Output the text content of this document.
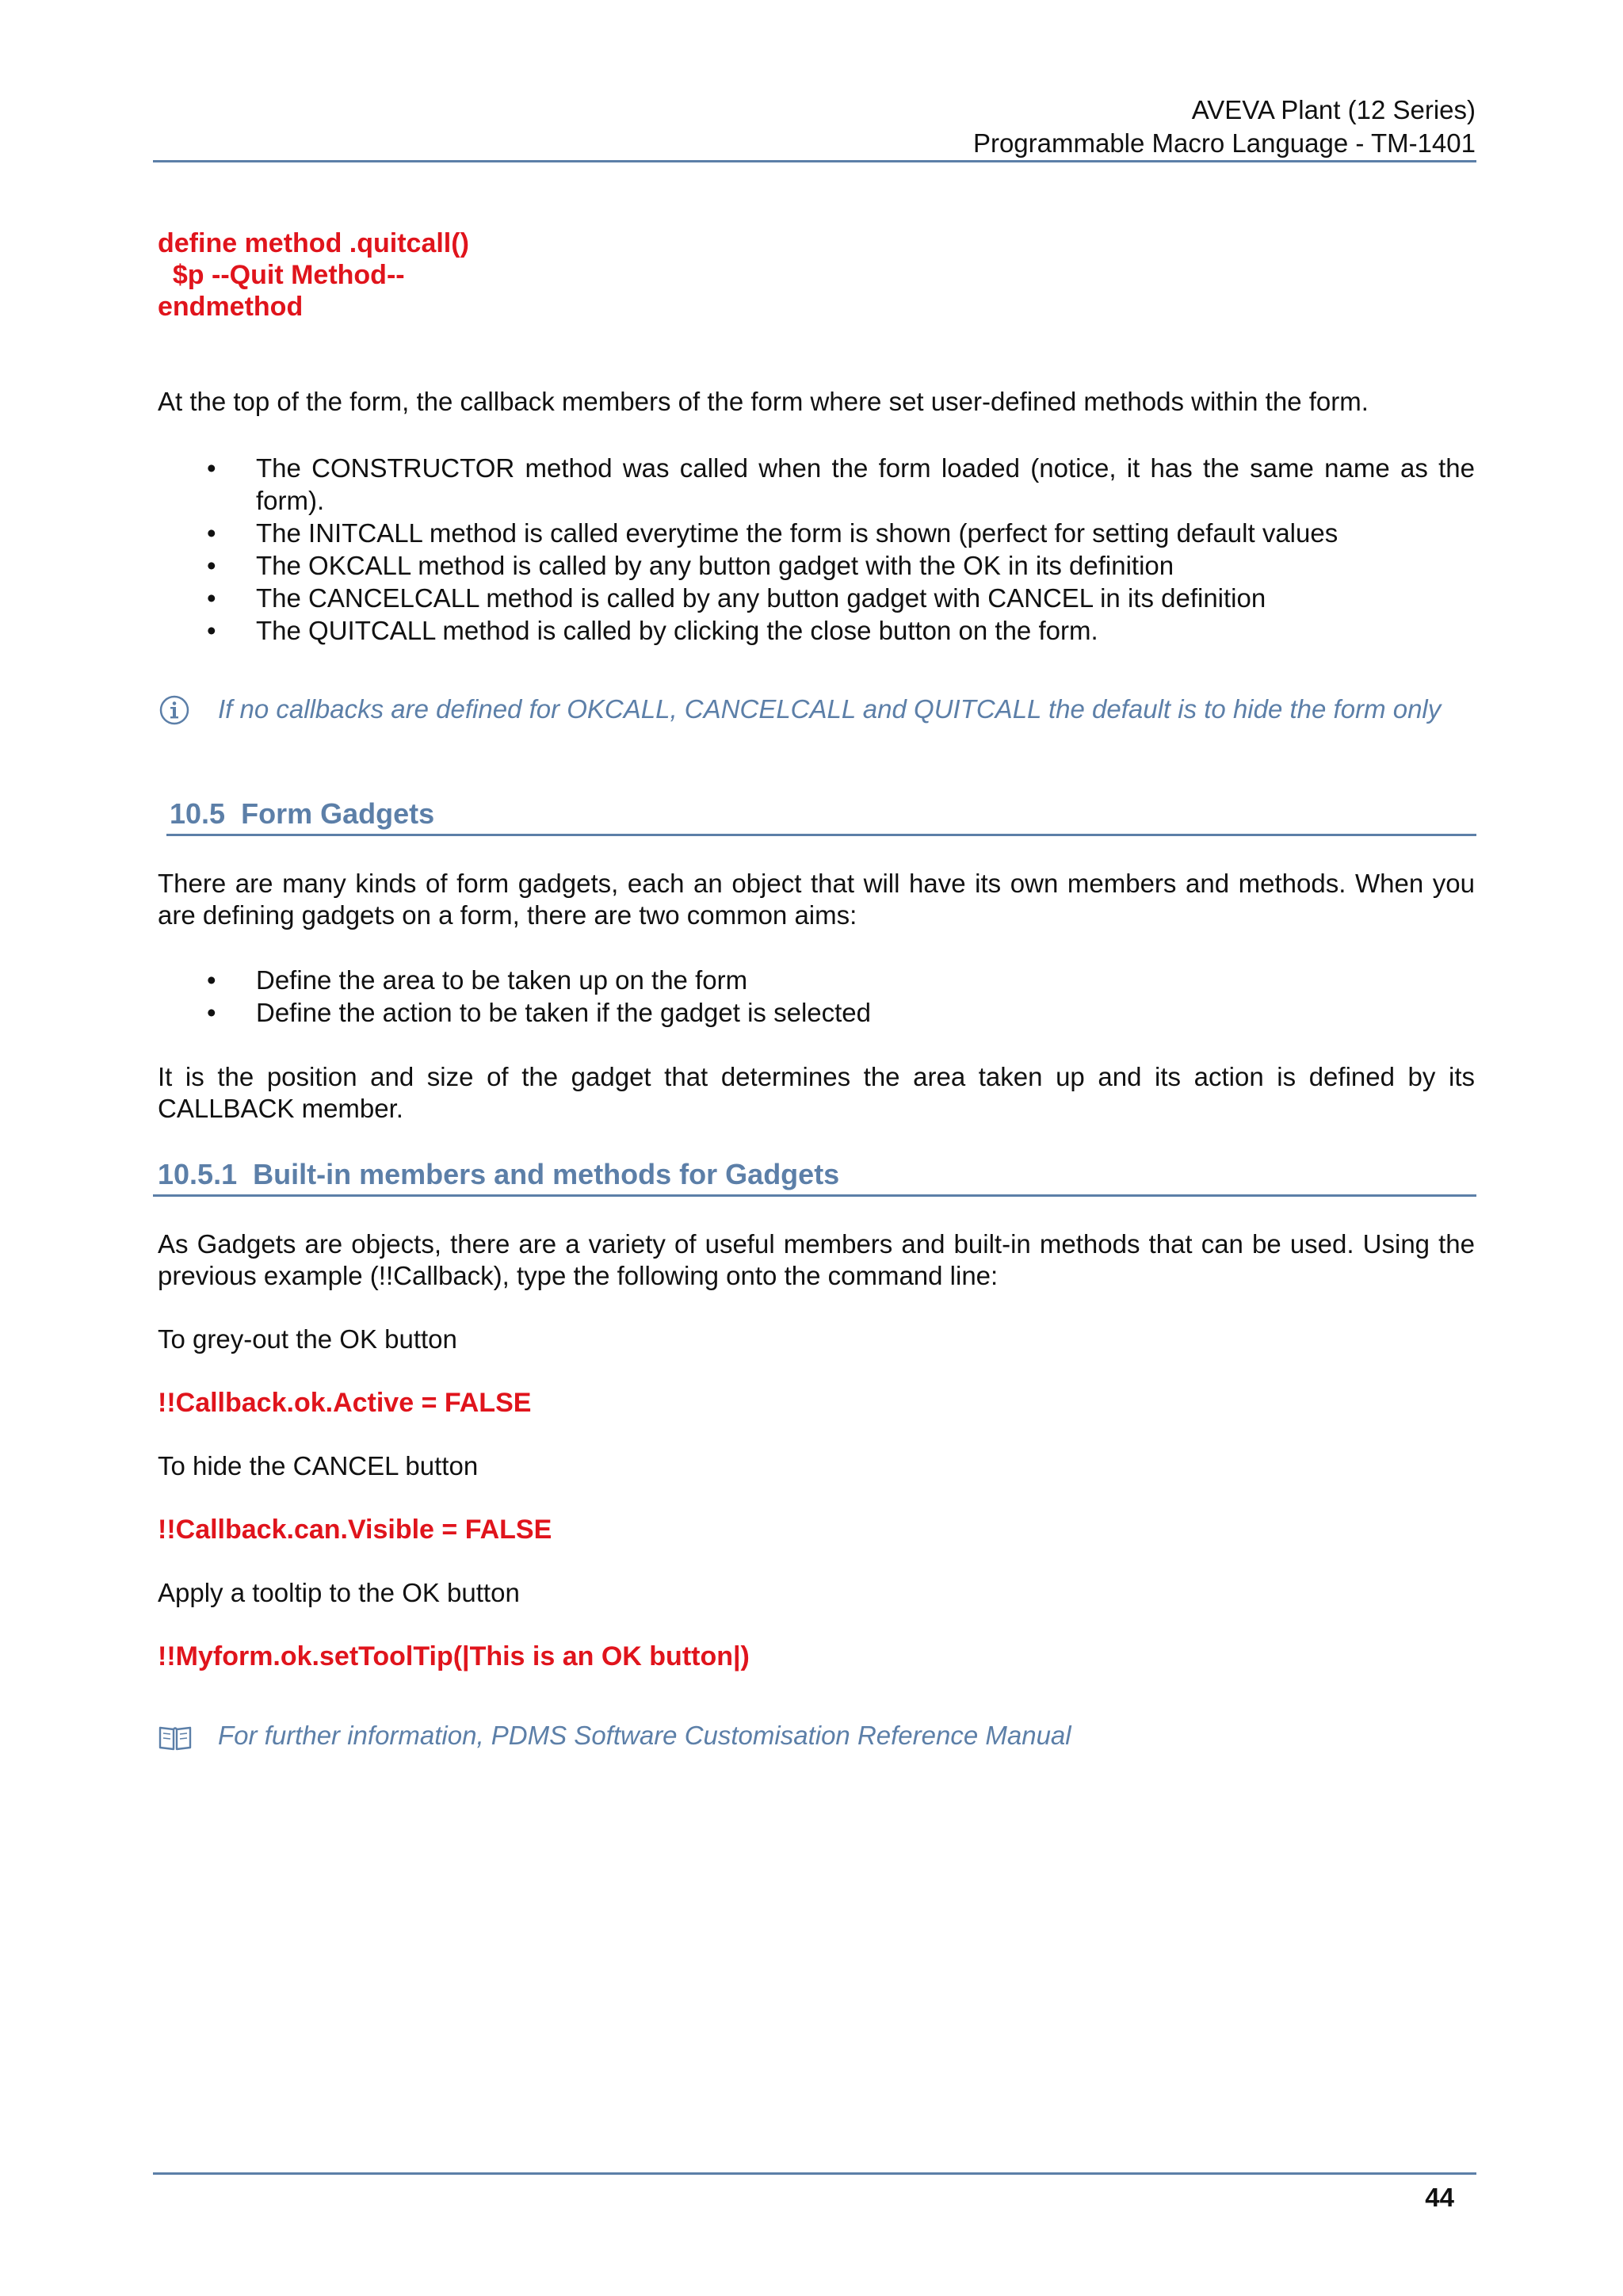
AVEVA Plant (12 Series)
Programmable Macro Language - TM-1401
define method .quitcall()
$p --Quit Method--
endmethod
At the top of the form, the callback members of the form where set user-defined methods within the form.
• The CONSTRUCTOR method was called when the form loaded (notice, it has the same name as the form).
• The INITCALL method is called everytime the form is shown (perfect for setting default values
• The OKCALL method is called by any button gadget with the OK in its definition
• The CANCELCALL method is called by any button gadget with CANCEL in its definition
• The QUITCALL method is called by clicking the close button on the form.
If no callbacks are defined for OKCALL, CANCELCALL and QUITCALL the default is to hide the form only
10.5 Form Gadgets
There are many kinds of form gadgets, each an object that will have its own members and methods. When you are defining gadgets on a form, there are two common aims:
• Define the area to be taken up on the form
• Define the action to be taken if the gadget is selected
It is the position and size of the gadget that determines the area taken up and its action is defined by its CALLBACK member.
10.5.1 Built-in members and methods for Gadgets
As Gadgets are objects, there are a variety of useful members and built-in methods that can be used. Using the previous example (!!Callback), type the following onto the command line:
To grey-out the OK button
!!Callback.ok.Active = FALSE
To hide the CANCEL button
!!Callback.can.Visible = FALSE
Apply a tooltip to the OK button
!!Myform.ok.setToolTip(|This is an OK button|)
For further information, PDMS Software Customisation Reference Manual
44
